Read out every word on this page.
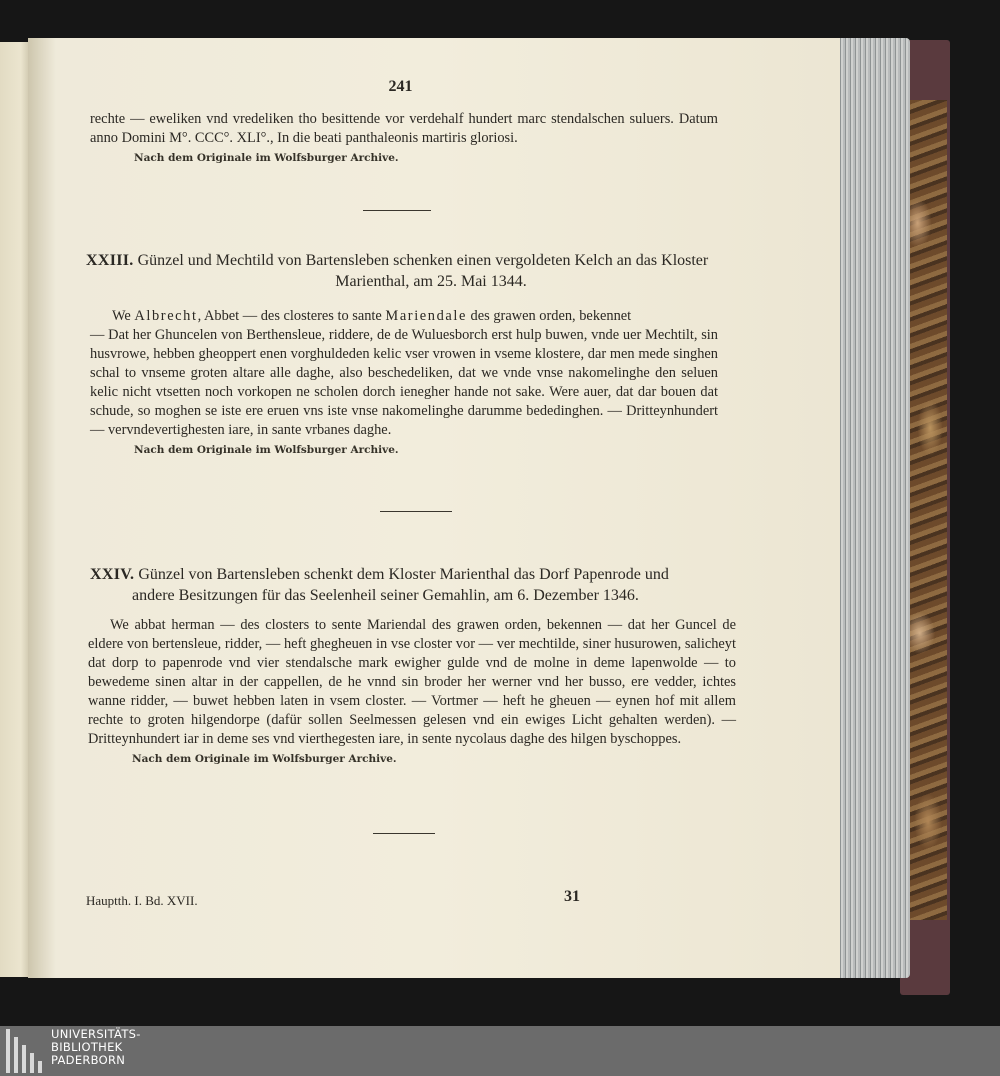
241

rechte — eweliken vnd vredeliken tho besittende vor verdehalf hundert marc stendalschen suluers. Datum anno Domini M°. CCC°. XLI°., In die beati panthaleonis martiris gloriosi.

Nach dem Originale im Wolfsburger Archive.

XXIII. Günzel und Mechtild von Bartensleben schenken einen vergoldeten Kelch an das Kloster
Marienthal, am 25. Mai 1344.

We Albrecht, Abbet — des closteres to sante Mariendale des grawen orden, bekennet

— Dat her Ghuncelen von Berthensleue, riddere, de de Wuluesborch erst hulp buwen, vnde uer Mechtilt, sin husvrowe, hebben gheoppert enen vorghuldeden kelic vser vrowen in vseme klostere, dar men mede singhen schal to vnseme groten altare alle daghe, also beschedeliken, dat we vnde vnse nakomelinghe den seluen kelic nicht vtsetten noch vorkopen ne scholen dorch ienegher hande not sake. Were auer, dat dar bouen dat schude, so moghen se iste ere eruen vns iste vnse nakomelinghe darumme bededinghen. — Dritteynhundert — vervndevertighesten iare, in sante vrbanes daghe.

Nach dem Originale im Wolfsburger Archive.

XXIV. Günzel von Bartensleben schenkt dem Kloster Marienthal das Dorf Papenrode und
andere Besitzungen für das Seelenheil seiner Gemahlin, am 6. Dezember 1346.

We abbat herman — des closters to sente Mariendal des grawen orden, bekennen — dat her Guncel de eldere von bertensleue, ridder, — heft ghegheuen in vse closter vor — ver mechtilde, siner husurowen, salicheyt dat dorp to papenrode vnd vier stendalsche mark ewigher gulde vnd de molne in deme lapenwolde — to bewedeme sinen altar in der cappellen, de he vnnd sin broder her werner vnd her busso, ere vedder, ichtes wanne ridder, — buwet hebben laten in vsem closter. — Vortmer — heft he gheuen — eynen hof mit allem rechte to groten hilgendorpe (dafür sollen Seelmessen gelesen vnd ein ewiges Licht gehalten werden). — Dritteynhundert iar in deme ses vnd vierthegesten iare, in sente nycolaus daghe des hilgen byschoppes.

Nach dem Originale im Wolfsburger Archive.
Hauptth. I. Bd. XVII.	31
UNIVERSITÄTS-
BIBLIOTHEK
PADERBORN
